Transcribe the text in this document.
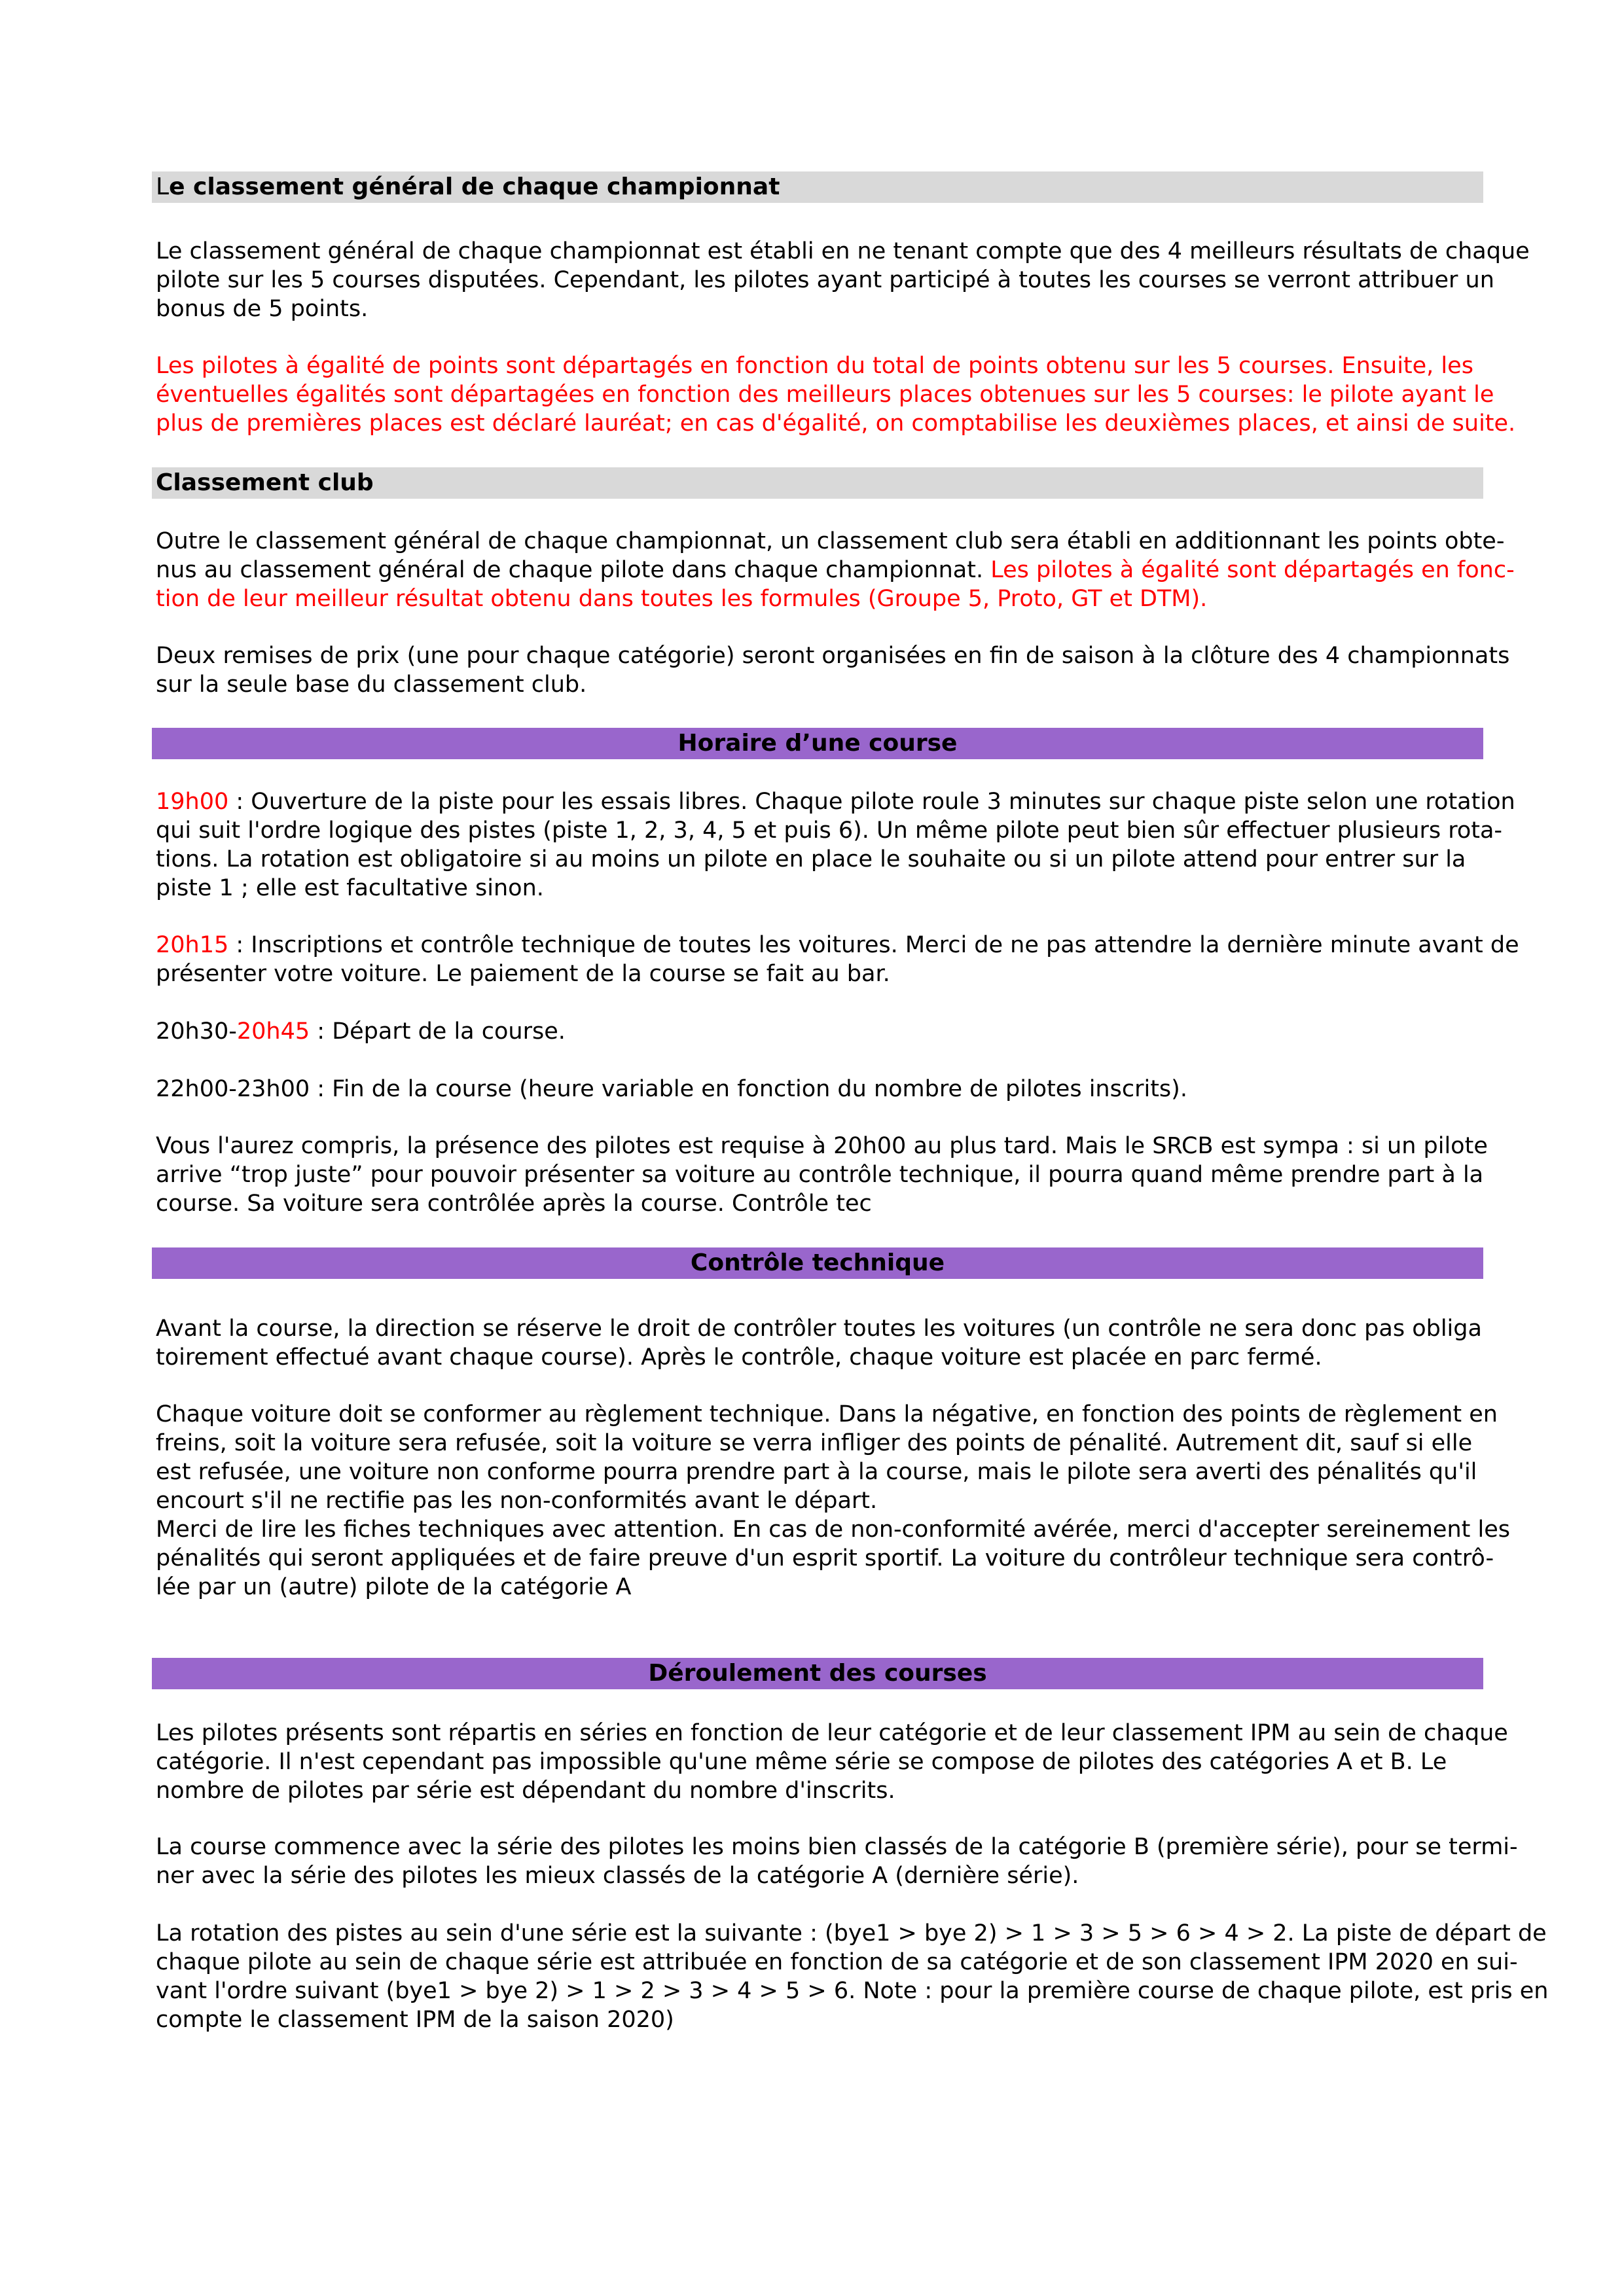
Le classement général de chaque championnat

Le classement général de chaque championnat est établi en ne tenant compte que des 4 meilleurs résultats de chaque
pilote sur les 5 courses disputées. Cependant, les pilotes ayant participé à toutes les courses se verront attribuer un
bonus de 5 points.

Les pilotes à égalité de points sont départagés en fonction du total de points obtenu sur les 5 courses. Ensuite, les
éventuelles égalités sont départagées en fonction des meilleurs places obtenues sur les 5 courses: le pilote ayant le
plus de premières places est déclaré lauréat; en cas d'égalité, on comptabilise les deuxièmes places, et ainsi de suite.

Classement club

Outre le classement général de chaque championnat, un classement club sera établi en additionnant les points obte-
nus au classement général de chaque pilote dans chaque championnat. Les pilotes à égalité sont départagés en fonc-
tion de leur meilleur résultat obtenu dans toutes les formules (Groupe 5, Proto, GT et DTM).

Deux remises de prix (une pour chaque catégorie) seront organisées en fin de saison à la clôture des 4 championnats
sur la seule base du classement club.

Horaire d’une course

19h00 : Ouverture de la piste pour les essais libres. Chaque pilote roule 3 minutes sur chaque piste selon une rotation
qui suit l'ordre logique des pistes (piste 1, 2, 3, 4, 5 et puis 6). Un même pilote peut bien sûr effectuer plusieurs rota-
tions. La rotation est obligatoire si au moins un pilote en place le souhaite ou si un pilote attend pour entrer sur la
piste 1 ; elle est facultative sinon.

20h15 : Inscriptions et contrôle technique de toutes les voitures. Merci de ne pas attendre la dernière minute avant de
présenter votre voiture. Le paiement de la course se fait au bar.

20h30-20h45 : Départ de la course.

22h00-23h00 : Fin de la course (heure variable en fonction du nombre de pilotes inscrits).

Vous l'aurez compris, la présence des pilotes est requise à 20h00 au plus tard. Mais le SRCB est sympa : si un pilote
arrive “trop juste” pour pouvoir présenter sa voiture au contrôle technique, il pourra quand même prendre part à la
course. Sa voiture sera contrôlée après la course. Contrôle tec

Contrôle technique

Avant la course, la direction se réserve le droit de contrôler toutes les voitures (un contrôle ne sera donc pas obliga
toirement effectué avant chaque course). Après le contrôle, chaque voiture est placée en parc fermé.

Chaque voiture doit se conformer au règlement technique. Dans la négative, en fonction des points de règlement en
freins, soit la voiture sera refusée, soit la voiture se verra infliger des points de pénalité. Autrement dit, sauf si elle
est refusée, une voiture non conforme pourra prendre part à la course, mais le pilote sera averti des pénalités qu'il
encourt s'il ne rectifie pas les non-conformités avant le départ.
Merci de lire les fiches techniques avec attention. En cas de non-conformité avérée, merci d'accepter sereinement les
pénalités qui seront appliquées et de faire preuve d'un esprit sportif. La voiture du contrôleur technique sera contrô-
lée par un (autre) pilote de la catégorie A

Déroulement des courses

Les pilotes présents sont répartis en séries en fonction de leur catégorie et de leur classement IPM au sein de chaque
catégorie. Il n'est cependant pas impossible qu'une même série se compose de pilotes des catégories A et B. Le
nombre de pilotes par série est dépendant du nombre d'inscrits.

La course commence avec la série des pilotes les moins bien classés de la catégorie B (première série), pour se termi-
ner avec la série des pilotes les mieux classés de la catégorie A (dernière série).

La rotation des pistes au sein d'une série est la suivante : (bye1 > bye 2) > 1 > 3 > 5 > 6 > 4 > 2. La piste de départ de
chaque pilote au sein de chaque série est attribuée en fonction de sa catégorie et de son classement IPM 2020 en sui-
vant l'ordre suivant (bye1 > bye 2) > 1 > 2 > 3 > 4 > 5 > 6. Note : pour la première course de chaque pilote, est pris en
compte le classement IPM de la saison 2020)
